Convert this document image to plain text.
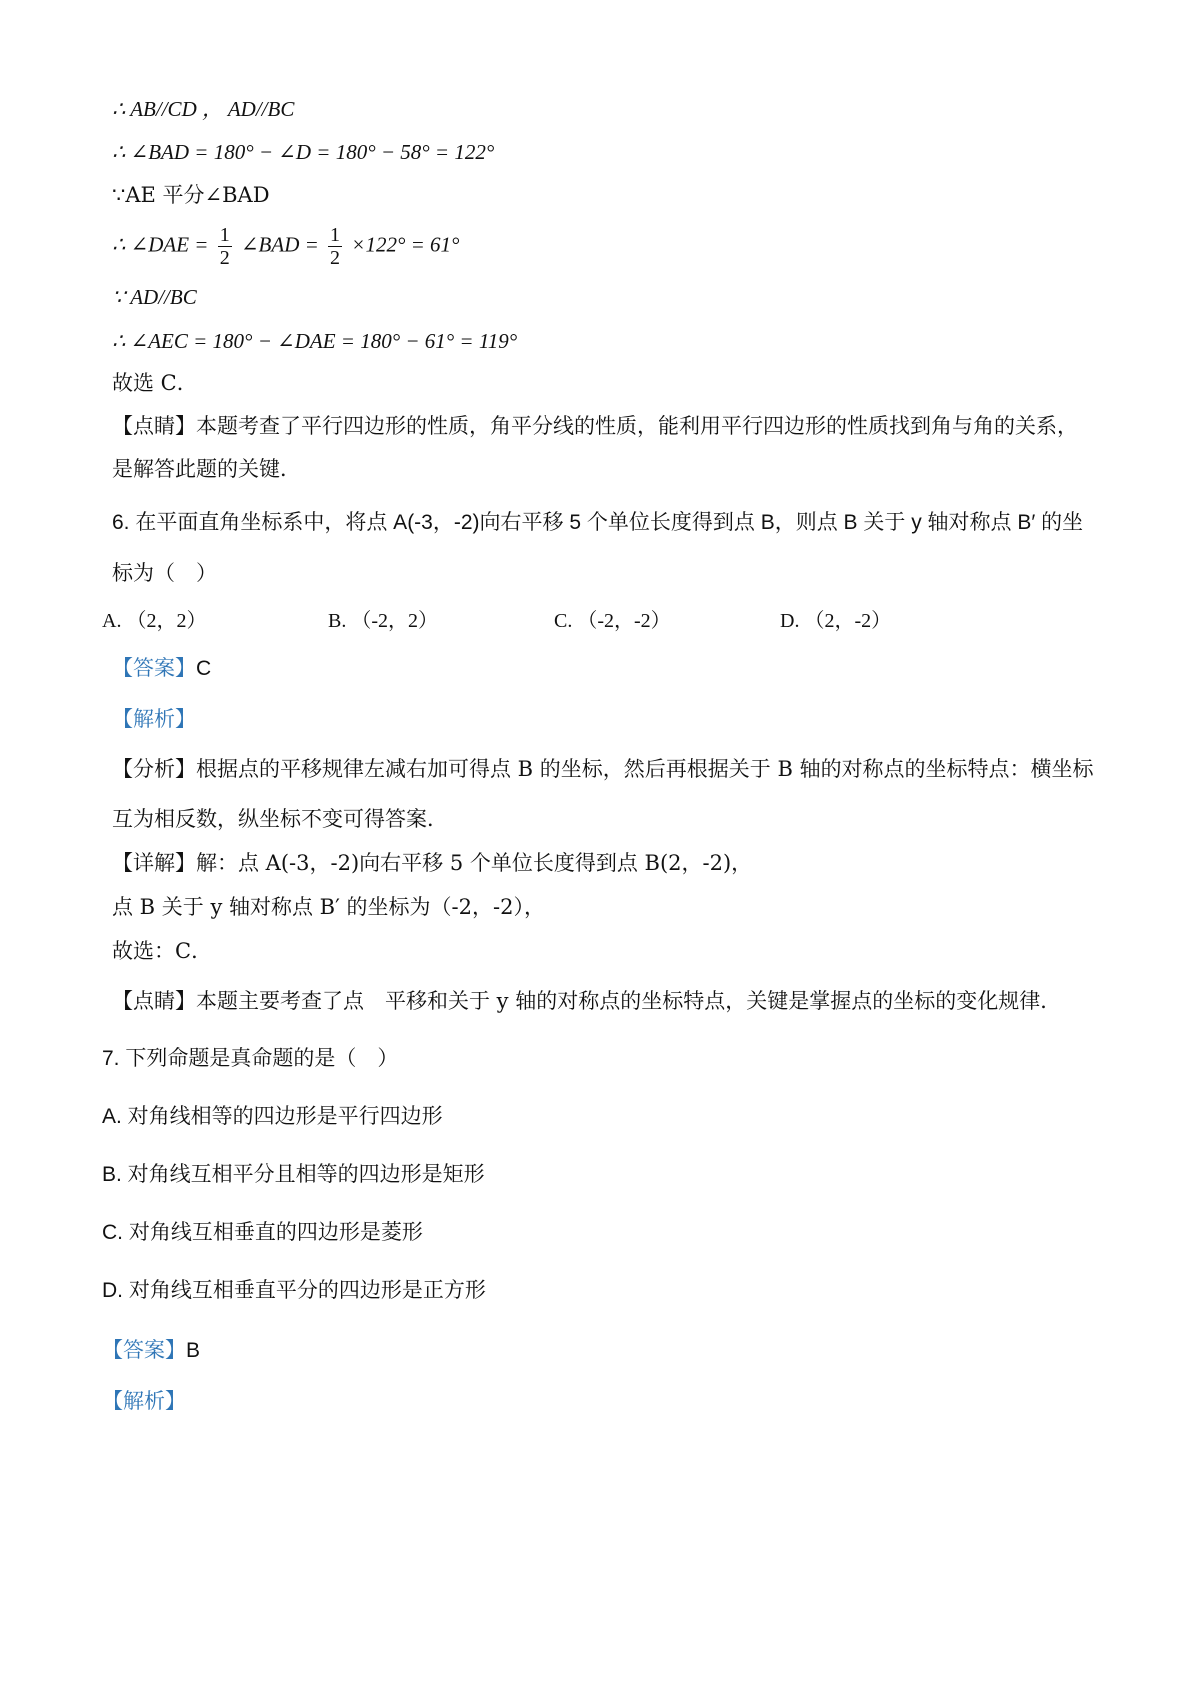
∴ AB//CD ， AD//BC
∴ ∠BAD = 180° − ∠D = 180° − 58° = 122°
∵AE 平分∠BAD
∴ ∠DAE = $\frac{1}{2}$ ∠BAD = $\frac{1}{2} \times 122^\circ = 61^\circ$
∵ AD//BC
∴ ∠AEC = 180° − ∠DAE = 180° − 61° = 119°
故选 C．
【点睛】本题考查了平行四边形的性质，角平分线的性质，能利用平行四边形的性质找到角与角的关系，
是解答此题的关键．
6. 在平面直角坐标系中，将点 A(-3，-2)向右平移 5 个单位长度得到点 B，则点 B 关于 y 轴对称点 B′ 的坐
标为（　）
A. （2，2）	B. （-2，2）	C. （-2，-2）	D. （2，-2）
【答案】C
【解析】
【分析】根据点的平移规律左减右加可得点 B 的坐标，然后再根据关于 B 轴的对称点的坐标特点：横坐标
互为相反数，纵坐标不变可得答案．
【详解】解：点 A(-3，-2)向右平移 5 个单位长度得到点 B(2，-2)，
点 B 关于 y 轴对称点 B′ 的坐标为（-2，-2），
故选：C．
【点睛】本题主要考查了点　平移和关于 y 轴的对称点的坐标特点，关键是掌握点的坐标的变化规律．
7. 下列命题是真命题的是（　）
A. 对角线相等的四边形是平行四边形
B. 对角线互相平分且相等的四边形是矩形
C. 对角线互相垂直的四边形是菱形
D. 对角线互相垂直平分的四边形是正方形
【答案】B
【解析】
